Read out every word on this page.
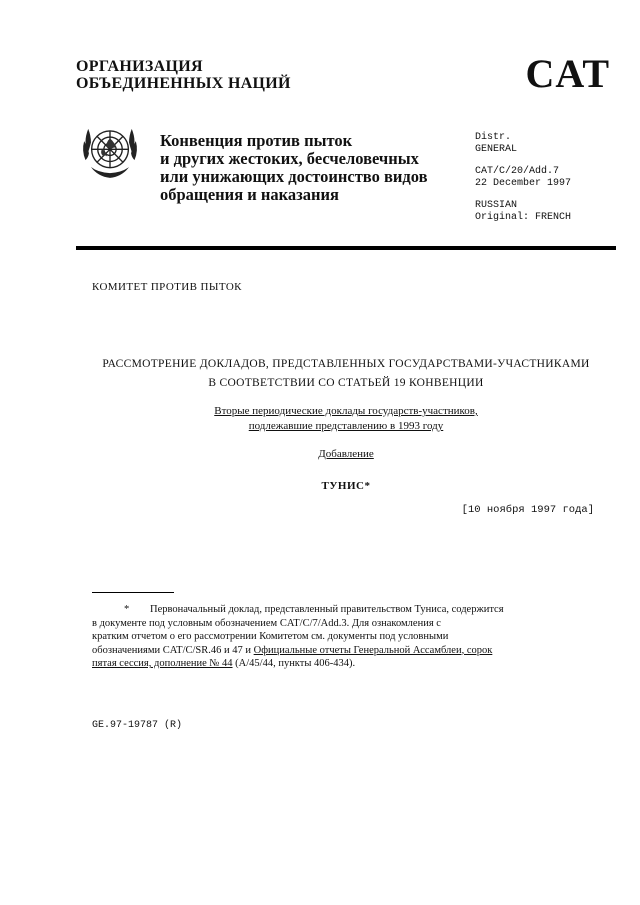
ОРГАНИЗАЦИЯ
ОБЪЕДИНЕННЫХ НАЦИЙ	CAT
Конвенция против пыток
и других жестоких, бесчеловечных
или унижающих достоинство видов
обращения и наказания
Distr.
GENERAL
CAT/C/20/Add.7
22 December 1997
RUSSIAN
Original: FRENCH
КОМИТЕТ ПРОТИВ ПЫТОК
РАССМОТРЕНИЕ ДОКЛАДОВ, ПРЕДСТАВЛЕННЫХ ГОСУДАРСТВАМИ-УЧАСТНИКАМИ
В СООТВЕТСТВИИ СО СТАТЬЕЙ 19 КОНВЕНЦИИ
Вторые периодические доклады государств-участников,
подлежавшие представлению в 1993 году
Добавление
ТУНИС*
[10 ноября 1997 года]
* Первоначальный доклад, представленный правительством Туниса, содержится
в документе под условным обозначением CAT/C/7/Add.3. Для ознакомления с
кратким отчетом о его рассмотрении Комитетом см. документы под условными
обозначениями CAT/C/SR.46 и 47 и Официальные отчеты Генеральной Ассамблеи, сорок
пятая сессия, дополнение № 44 (A/45/44, пункты 406-434).
GE.97-19787 (R)
